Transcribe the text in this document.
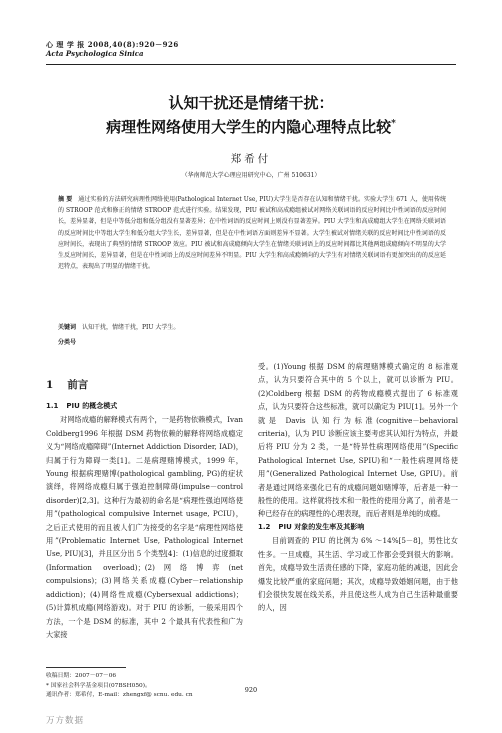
心 理 学 报 2008,40(8):920－926
Acta Psychologica Sinica
认知干扰还是情绪干扰：
病理性网络使用大学生的内隐心理特点比较*
郑希付
（华南师范大学心理应用研究中心，广州 510631）
摘 要 通过实验的方法研究病理性网络使用(Pathological Internet Use, PIU)大学生是否存在认知和情绪干扰。实验大学生 671 人，使用传统的 STROOP 范式和修正的情绪 STROOP 范式进行实验。结果发现，PIU 被试和高成瘾组被试对网络关联词语的反应时间比中性词语的反应时间长，差异显著，但是中等低分组和低分组没有显著差异；在中性词语的反应时间上则没有显著差异。PIU 大学生和高成瘾组大学生在网络关联词语的反应时间比中等组大学生和低分组大学生长，差异显著，但是在中性词语方面则差异不显著。大学生被试对情绪关联的反应时间比中性词语的反应时间长，表现出了典型的情绪 STROOP 效应。PIU 被试和高成瘾倾向大学生在情绪关联词语上的反应时间都比其他两组成瘾倾向不明显的大学生反应时间长，差异显著，但是在中性词语上的反应时间差异不明显。PIU 大学生和高成瘾倾向的大学生有对情绪关联词语有更加突出的的反应延迟特点，表现出了明显的情绪干扰。
关键词 认知干扰，情绪干扰，PIU 大学生。
分类号
1 前言
1.1 PIU 的概念模式

对网络成瘾的解释模式有两个，一是药物依赖模式，Ivan Coldberg1996 年根据 DSM 药物依赖的解释将网络成瘾定义为“网络成瘾障碍”(Internet Addiction Disorder, IAD)，归属于行为障碍一类[1]。二是病理赌博模式，1999 年，Young 根据病理赌博(pathological gambling, PG)的症状演绎，将网络成瘾归属于强迫控制障碍(impulse－control disorder)[2,3]。这种行为最初的命名是“病理性强迫网络使用”(pathological compulsive Internet usage, PCIU)，之后正式使用的而且被人们广为接受的名字是“病理性网络使用”(Problematic Internet Use, Pathological Internet Use, PIU)[3]，并且区分出 5 个类型[4]：(1)信息的过度摄取(Information overload)；(2)网络博弈(net compulsions)；(3)网络关系成瘾(Cyber－relationship addiction)；(4)网络性成瘾(Cybersexual addictions)；(5)计算机成瘾(网络游戏)。对于 PIU 的诊断，一般采用四个方法，一个是 DSM 的标准，其中 2 个最具有代表性和广为大家接

受。(1)Young 根据 DSM 的病理赌博模式确定的 8 标准观点，认为只要符合其中的 5 个以上，就可以诊断为 PIU。(2)Coldberg 根据 DSM 的药物成瘾模式提出了 6 标准观点，认为只要符合这些标准，就可以确定为 PIU[1]。另外一个就是 Davis 认知行为标准(cognitive－behavioral criteria)，认为 PIU 诊断应该主要考虑其认知行为特点，并最后将 PIU 分为 2 类，一是“特异性病理网络使用”(Specific Pathological Internet Use, SPIU)和“一般性病理网络使用”(Generalized Pathological Internet Use, GPIU)。前者是通过网络来强化已有的成瘾问题如赌博等，后者是一种一般性的使用。这样就将技术和一般性的使用分离了，前者是一种已经存在的病理性的心理表现，而后者则是单纯的成瘾。

1.2 PIU 对象的发生率及其影响

目前调查的 PIU 的比例为 6% ～14%[5－8]，男性比女性多。一旦成瘾，其生活、学习或工作都会受到很大的影响。首先，成瘾导致生活责任感的下降，家庭功能的减退，因此会爆发比较严重的家庭问题；其次，成瘾导致婚姻问题，由于他们会很快发展在线关系，并且使这些人成为自己生活种最重要的人，因

收稿日期：2007－07－06
* 国家社会科学基金项目(07BSH050)。
通讯作者：郑希付，E-mail：zhengxf@ scnu. edu. cn
920
万方数据
